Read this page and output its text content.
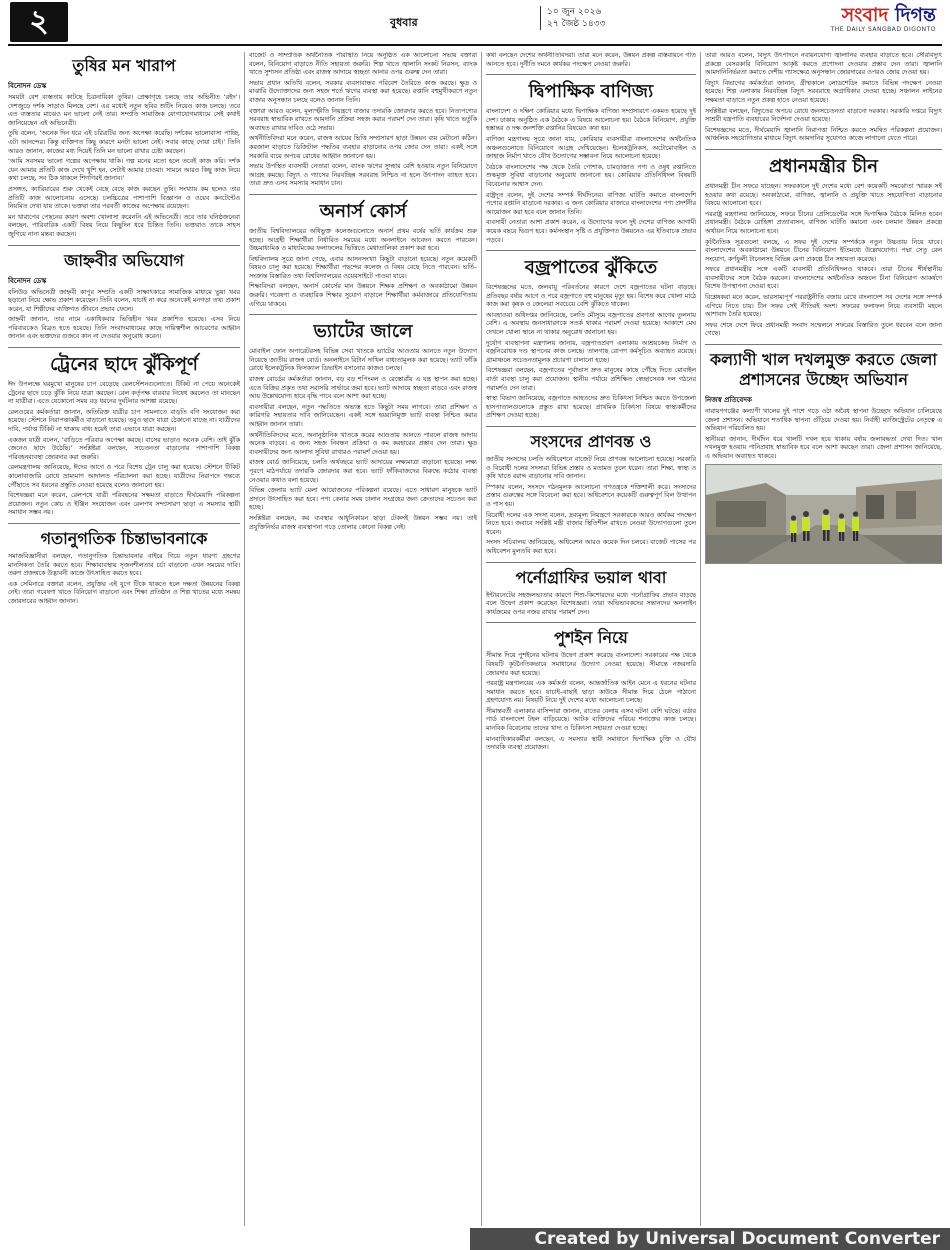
২	বুধবার
১০ জুন ২০২৬
২৭ জৈষ্ঠ ১৪৩৩	সংবাদ দিগন্ত
THE DAILY SANGBAD DIGONTO
তুষির মন খারাপ
বিনোদন ডেস্ক

সময়টা বেশ ব্যস্ততায় কাটছে চিত্রনায়িকা তুষির। প্রেক্ষাগৃহে চলছে তার অভিনীত ‘রইদ’। দেশজুড়ে দর্শক সাড়াও মিলছে বেশ। এর মধ্যেই নতুন ছবির শুটিং নিয়েও কাজ চলছে। তবে এত ব্যস্ততার মাঝেও মন ভালো নেই তার। সম্প্রতি সামাজিক যোগাযোগমাধ্যমে সেই কথাই জানিয়েছেন এই অভিনেত্রী।

তুষি বলেন, ‘অনেক দিন ধরে এই চরিত্রটির জন্য অপেক্ষা করেছি। দর্শকের ভালোবাসা পাচ্ছি, এটা আনন্দের। কিন্তু ব্যক্তিগত কিছু কারণে মনটা ভালো নেই। সবার কাছে দোয়া চাই।’ তিনি আরও জানান, কাজের মধ্য দিয়েই তিনি মন ভালো রাখার চেষ্টা করছেন।

‘আমি সবসময় ভালো গল্পের অপেক্ষায় থাকি। গল্প মনের মতো হলে তবেই কাজ করি। দর্শক যেন আমার প্রতিটি কাজ দেখে খুশি হন, সেটাই আমার চাওয়া। সামনে আরও কিছু কাজ নিয়ে কথা চলছে, সব ঠিক থাকলে শিগগিরই জানাব।’

প্রসঙ্গত, ক্যারিয়ারের শুরু থেকেই বেছে বেছে কাজ করছেন তুষি। সংখ্যায় কম হলেও তার প্রতিটি কাজ আলোচনায় এসেছে। চলচ্চিত্রের পাশাপাশি বিজ্ঞাপন ও ওয়েব কনটেন্টেও নিয়মিত দেখা যায় তাকে। ভক্তরা তার পরবর্তী কাজের অপেক্ষায় রয়েছেন।

মন খারাপের পেছনের কারণ অবশ্য খোলাসা করেননি এই অভিনেত্রী। তবে তার ঘনিষ্ঠজনেরা বলছেন, পারিবারিক একটি বিষয় নিয়ে কিছুদিন ধরে চিন্তিত তিনি। ভক্তরাও তাকে সাহস জুগিয়ে নানা মন্তব্য করছেন।

জাহ্নবীর অভিযোগ
বিনোদন ডেস্ক

বলিউড অভিনেত্রী জাহ্নবী কাপুর সম্প্রতি একটি সাক্ষাৎকারে সামাজিক মাধ্যমে ভুয়া খবর ছড়ানো নিয়ে ক্ষোভ প্রকাশ করেছেন। তিনি বলেন, যাচাই না করে অনেকেই মনগড়া তথ্য প্রকাশ করেন, যা শিল্পীদের ব্যক্তিগত জীবনে প্রভাব ফেলে।

জাহ্নবী জানান, তার নামে একাধিকবার ভিত্তিহীন খবর প্রকাশিত হয়েছে। এসব নিয়ে পরিবারকেও বিব্রত হতে হয়েছে। তিনি সংবাদমাধ্যমের কাছে দায়িত্বশীল আচরণের আহ্বান জানান এবং ভক্তদের গুজবে কান না দেওয়ার অনুরোধ করেন।

ট্রেনের ছাদে ঝুঁকিপূর্ণ

ঈদ উপলক্ষে ঘরমুখো মানুষের চাপ বেড়েছে রেলস্টেশনগুলোতে। টিকিট না পেয়ে অনেকেই ট্রেনের ছাদে চড়ে ঝুঁকি নিয়ে যাত্রা করছেন। রেল কর্তৃপক্ষ বারবার নিষেধ করলেও তা মানছেন না যাত্রীরা। এতে যেকোনো সময় বড় ধরনের দুর্ঘটনার আশঙ্কা রয়েছে।

রেলওয়ের কর্মকর্তারা জানান, অতিরিক্ত যাত্রীর চাপ সামলাতে বাড়তি বগি সংযোজন করা হয়েছে। স্টেশনে নিরাপত্তাকর্মীও বাড়ানো হয়েছে। তবুও ছাদে যাত্রা ঠেকানো যাচ্ছে না। যাত্রীদের দাবি, পর্যাপ্ত টিকিট না থাকায় বাধ্য হয়েই তারা এভাবে যাত্রা করছেন।

একজন যাত্রী বলেন, ‘বাড়িতে পরিবার অপেক্ষা করছে। বাসের ভাড়াও অনেক বেশি। তাই ঝুঁকি জেনেও ছাদে উঠেছি।’ সংশ্লিষ্টরা বলছেন, সচেতনতা বাড়ানোর পাশাপাশি বিকল্প পরিবহনব্যবস্থা জোরদার করা জরুরি।

রেলমন্ত্রণালয় জানিয়েছে, ঈদের আগে ও পরে বিশেষ ট্রেন চালু করা হয়েছে। স্টেশনে টিকিট কালোবাজারি রোধে ভ্রাম্যমাণ আদালত পরিচালনা করা হচ্ছে। যাত্রীদের নিরাপদে গন্তব্যে পৌঁছাতে সব ধরনের প্রস্তুতি নেওয়া হয়েছে বলেও জানানো হয়।

বিশেষজ্ঞরা মনে করেন, রেলপথে যাত্রী পরিবহনের সক্ষমতা বাড়াতে দীর্ঘমেয়াদি পরিকল্পনা প্রয়োজন। নতুন কোচ ও ইঞ্জিন সংযোজন এবং রেলপথ সম্প্রসারণ ছাড়া এ সমস্যার স্থায়ী সমাধান সম্ভব নয়।

গতানুগতিক চিন্তাভাবনাকে

সমাজবিজ্ঞানীরা বলছেন, গতানুগতিক চিন্তাভাবনার বাইরে গিয়ে নতুন ধারণা গ্রহণের মানসিকতা তৈরি করতে হবে। শিক্ষাব্যবস্থায় সৃজনশীলতার চর্চা বাড়ানো এখন সময়ের দাবি। তরুণ প্রজন্মকে উদ্ভাবনী কাজে উৎসাহিত করতে হবে।

এক সেমিনারে বক্তারা বলেন, প্রযুক্তির এই যুগে টিকে থাকতে হলে দক্ষতা উন্নয়নের বিকল্প নেই। তারা গবেষণা খাতে বিনিয়োগ বাড়ানো এবং শিক্ষা প্রতিষ্ঠান ও শিল্প খাতের মধ্যে সমন্বয় জোরদারের আহ্বান জানান।

বাজেট ও সাম্প্রতিক অর্থনৈতিক পরিস্থিতি নিয়ে অনুষ্ঠিত এক আলোচনা সভায় বক্তারা বলেন, বিনিয়োগ বাড়াতে নীতি সহায়তা জরুরি। শিল্প খাতে জ্বালানি সংকট নিরসন, ব্যাংক খাতে সুশাসন প্রতিষ্ঠা এবং রাজস্ব আদায়ে স্বচ্ছতা আনার ওপর গুরুত্ব দেন তারা।

সভায় প্রধান অতিথি বলেন, সরকার ব্যবসাবান্ধব পরিবেশ তৈরিতে কাজ করছে। ক্ষুদ্র ও মাঝারি উদ্যোক্তাদের জন্য সহজ শর্তে ঋণের ব্যবস্থা করা হয়েছে। রপ্তানি বহুমুখীকরণে নতুন বাজার অনুসন্ধান চলছে বলেও জানান তিনি।

বক্তারা আরও বলেন, মূল্যস্ফীতি নিয়ন্ত্রণে বাজার তদারকি জোরদার করতে হবে। নিত্যপণ্যের সরবরাহ স্বাভাবিক রাখতে আমদানি প্রক্রিয়া সহজ করার পরামর্শ দেন তারা। কৃষি খাতে ভর্তুকি অব্যাহত রাখার দাবিও ওঠে সভায়।

অর্থনীতিবিদরা মনে করেন, রাজস্ব আয়ের ভিত্তি সম্প্রসারণ ছাড়া উন্নয়ন ব্যয় মেটানো কঠিন। করজাল বাড়াতে ডিজিটাল পদ্ধতির ব্যবহার বাড়ানোর ওপর জোর দেন তারা। একই সঙ্গে সরকারি ব্যয়ে অপচয় রোধের আহ্বান জানানো হয়।

সভায় উপস্থিত ব্যবসায়ী নেতারা বলেন, ব্যাংক ঋণের সুদহার বেশি হওয়ায় নতুন বিনিয়োগে আগ্রহ কমছে। বিদ্যুৎ ও গ্যাসের নিরবচ্ছিন্ন সরবরাহ নিশ্চিত না হলে উৎপাদন ব্যাহত হবে। তারা দ্রুত এসব সমস্যার সমাধান চান।

অনার্স কোর্স

জাতীয় বিশ্ববিদ্যালয়ের অধিভুক্ত কলেজগুলোতে অনার্স প্রথম বর্ষের ভর্তি কার্যক্রম শুরু হচ্ছে। আগ্রহী শিক্ষার্থীরা নির্ধারিত সময়ের মধ্যে অনলাইনে আবেদন করতে পারবেন। উচ্চমাধ্যমিক ও মাধ্যমিকের ফলাফলের ভিত্তিতে মেধাতালিকা প্রকাশ করা হবে।

বিশ্ববিদ্যালয় সূত্রে জানা গেছে, এবার আসনসংখ্যা কিছুটা বাড়ানো হয়েছে। নতুন কয়েকটি বিষয়ও চালু করা হয়েছে। শিক্ষার্থীরা পছন্দের কলেজ ও বিষয় বেছে নিতে পারবেন। ভর্তি–সংক্রান্ত বিস্তারিত তথ্য বিশ্ববিদ্যালয়ের ওয়েবসাইটে পাওয়া যাবে।

শিক্ষাবিদরা বলছেন, অনার্স কোর্সের মান উন্নয়নে শিক্ষক প্রশিক্ষণ ও অবকাঠামো উন্নয়ন জরুরি। গবেষণা ও ব্যবহারিক শিক্ষার সুযোগ বাড়ালে শিক্ষার্থীরা কর্মবাজারে প্রতিযোগিতায় এগিয়ে থাকবে।

ভ্যাটের জালে

মোবাইল ফোন অপারেটরসহ বিভিন্ন সেবা খাতকে ভ্যাটের আওতায় আনতে নতুন উদ্যোগ নিয়েছে জাতীয় রাজস্ব বোর্ড। অনলাইনে রিটার্ন দাখিল বাধ্যতামূলক করা হয়েছে। ভ্যাট ফাঁকি রোধে ইলেকট্রনিক ফিসক্যাল ডিভাইস বসানোর কাজও চলছে।

রাজস্ব বোর্ডের কর্মকর্তারা জানান, বড় বড় শপিংমল ও রেস্তোরাঁয় এ যন্ত্র স্থাপন করা হচ্ছে। এতে বিক্রির প্রকৃত তথ্য সরাসরি সার্ভারে জমা হবে। ভ্যাট আদায়ে স্বচ্ছতা বাড়বে এবং রাজস্ব আয় উল্লেখযোগ্য হারে বৃদ্ধি পাবে বলে আশা করা হচ্ছে।

ব্যবসায়ীরা বলছেন, নতুন পদ্ধতিতে অভ্যস্ত হতে কিছুটা সময় লাগবে। তারা প্রশিক্ষণ ও কারিগরি সহায়তার দাবি জানিয়েছেন। একই সঙ্গে হয়রানিমুক্ত ভ্যাট ব্যবস্থা নিশ্চিত করার আহ্বান জানান তারা।

অর্থনীতিবিদদের মতে, অনানুষ্ঠানিক খাতকে করের আওতায় আনতে পারলে রাজস্ব আদায় অনেক বাড়বে। এ জন্য সহজ নিবন্ধন প্রক্রিয়া ও কম করহারের প্রস্তাব দেন তারা। ক্ষুদ্র ব্যবসায়ীদের জন্য আলাদা সুবিধা রাখারও পরামর্শ দেওয়া হয়।

রাজস্ব বোর্ড জানিয়েছে, চলতি অর্থবছরে ভ্যাট আদায়ের লক্ষ্যমাত্রা বাড়ানো হয়েছে। লক্ষ্য পূরণে মাঠপর্যায়ে তদারকি জোরদার করা হবে। ভ্যাট ফাঁকিবাজদের বিরুদ্ধে কঠোর ব্যবস্থা নেওয়ার কথাও বলা হয়েছে।

বিভিন্ন জেলায় ভ্যাট মেলা আয়োজনের পরিকল্পনা রয়েছে। এতে সাধারণ মানুষকে ভ্যাট প্রদানে উৎসাহিত করা হবে। পণ্য কেনার সময় চালান সংগ্রহের জন্য ক্রেতাদের সচেতন করা হচ্ছে।

সংশ্লিষ্টরা বলছেন, কর ব্যবস্থার আধুনিকায়ন ছাড়া টেকসই উন্নয়ন সম্ভব নয়। তাই প্রযুক্তিনির্ভর রাজস্ব ব্যবস্থাপনা গড়ে তোলার কোনো বিকল্প নেই।

কথা বলছেন দেশের অর্থনীতিবিদরা। তারা মনে করেন, উন্নয়ন প্রকল্প বাস্তবায়নে গতি আনতে হবে। দুর্নীতি দমনে কার্যকর পদক্ষেপ নেওয়া জরুরি।

দ্বিপাক্ষিক বাণিজ্য

বাংলাদেশ ও দক্ষিণ কোরিয়ার মধ্যে দ্বিপাক্ষিক বাণিজ্য সম্প্রসারণে একমত হয়েছে দুই দেশ। ঢাকায় অনুষ্ঠিত এক বৈঠকে এ বিষয়ে আলোচনা হয়। বৈঠকে বিনিয়োগ, প্রযুক্তি হস্তান্তর ও দক্ষ জনশক্তি রপ্তানির বিষয়েও কথা হয়।

বাণিজ্য মন্ত্রণালয় সূত্রে জানা যায়, কোরিয়ার ব্যবসায়ীরা বাংলাদেশের অর্থনৈতিক অঞ্চলগুলোতে বিনিয়োগে আগ্রহ দেখিয়েছেন। ইলেকট্রনিকস, অটোমোবাইল ও জাহাজ নির্মাণ খাতে যৌথ উদ্যোগের সম্ভাবনা নিয়ে আলোচনা হয়েছে।

বৈঠকে বাংলাদেশের পক্ষ থেকে তৈরি পোশাক, চামড়াজাত পণ্য ও ওষুধ রপ্তানিতে শুল্কমুক্ত সুবিধা বাড়ানোর অনুরোধ জানানো হয়। কোরিয়ার প্রতিনিধিদল বিষয়টি বিবেচনার আশ্বাস দেন।

রাষ্ট্রদূত বলেন, দুই দেশের সম্পর্ক দীর্ঘদিনের। বাণিজ্য ঘাটতি কমাতে বাংলাদেশি পণ্যের রপ্তানি বাড়ানো দরকার। এ জন্য কোরিয়ার বাজারে বাংলাদেশের পণ্য প্রদর্শনীর আয়োজন করা হবে বলে জানান তিনি।

ব্যবসায়ী নেতারা আশা প্রকাশ করেন, এ উদ্যোগের ফলে দুই দেশের বাণিজ্য আগামী কয়েক বছরে দ্বিগুণ হবে। কর্মসংস্থান সৃষ্টি ও প্রযুক্তিগত উন্নয়নেও এর ইতিবাচক প্রভাব পড়বে।

বজ্রপাতের ঝুঁকিতে

বিশেষজ্ঞদের মতে, জলবায়ু পরিবর্তনের কারণে দেশে বজ্রপাতের ঘটনা বাড়ছে। প্রতিবছর বর্ষার আগে ও পরে বজ্রপাতে বহু মানুষের মৃত্যু হয়। বিশেষ করে খোলা মাঠে কাজ করা কৃষক ও জেলেরা সবচেয়ে বেশি ঝুঁকিতে থাকেন।

আবহাওয়া অধিদপ্তর জানিয়েছে, চলতি মৌসুমে বজ্রপাতের প্রবণতা আগের তুলনায় বেশি। এ অবস্থায় জনসাধারণকে সতর্ক থাকার পরামর্শ দেওয়া হয়েছে। আকাশে মেঘ দেখলে খোলা স্থানে না থাকার অনুরোধ জানানো হয়।

দুর্যোগ ব্যবস্থাপনা মন্ত্রণালয় জানায়, বজ্রপাতপ্রবণ এলাকায় আশ্রয়কেন্দ্র নির্মাণ ও বজ্রনিরোধক দণ্ড স্থাপনের কাজ চলছে। তালগাছ রোপণ কর্মসূচিও অব্যাহত রয়েছে। গ্রামাঞ্চলে সচেতনতামূলক প্রচারণা চালানো হচ্ছে।

বিশেষজ্ঞরা বলছেন, বজ্রপাতের পূর্বাভাস দ্রুত মানুষের কাছে পৌঁছে দিতে মোবাইল বার্তা ব্যবস্থা চালু করা প্রয়োজন। স্থানীয় পর্যায়ে প্রশিক্ষিত স্বেচ্ছাসেবক দল গঠনের পরামর্শও দেন তারা।

স্বাস্থ্য বিভাগ জানিয়েছে, বজ্রপাতে আহতদের দ্রুত চিকিৎসা নিশ্চিত করতে উপজেলা হাসপাতালগুলোকে প্রস্তুত রাখা হয়েছে। প্রাথমিক চিকিৎসা বিষয়ে স্বাস্থ্যকর্মীদের প্রশিক্ষণ দেওয়া হচ্ছে।

সংসদের প্রাণবন্ত ও

জাতীয় সংসদের চলতি অধিবেশনে বাজেট নিয়ে প্রাণবন্ত আলোচনা হয়েছে। সরকারি ও বিরোধী দলের সদস্যরা বিভিন্ন প্রস্তাব ও মতামত তুলে ধরেন। তারা শিক্ষা, স্বাস্থ্য ও কৃষি খাতে বরাদ্দ বাড়ানোর দাবি জানান।

স্পিকার বলেন, সংসদে গঠনমূলক আলোচনা গণতন্ত্রকে শক্তিশালী করে। সদস্যদের প্রস্তাব গুরুত্বের সঙ্গে বিবেচনা করা হবে। অধিবেশনে কয়েকটি গুরুত্বপূর্ণ বিল উত্থাপন ও পাস হয়।

বিরোধী দলের এক সদস্য বলেন, দ্রব্যমূল্য নিয়ন্ত্রণে সরকারকে আরও কার্যকর পদক্ষেপ নিতে হবে। জবাবে সংশ্লিষ্ট মন্ত্রী বাজার স্থিতিশীল রাখতে নেওয়া উদ্যোগগুলো তুলে ধরেন।

সংসদ সচিবালয় জানিয়েছে, অধিবেশন আরও কয়েক দিন চলবে। বাজেট পাসের পর অধিবেশন মুলতবি করা হবে।

পর্নোগ্রাফির ভয়াল থাবা

ইন্টারনেটের সহজলভ্যতার কারণে শিশু-কিশোরদের মধ্যে পর্নোগ্রাফির প্রভাব বাড়ছে বলে উদ্বেগ প্রকাশ করেছেন বিশেষজ্ঞরা। তারা অভিভাবকদের সন্তানদের অনলাইন কার্যক্রমের ওপর নজর রাখার পরামর্শ দেন।

পুশইন নিয়ে

সীমান্ত দিয়ে পুশইনের ঘটনায় উদ্বেগ প্রকাশ করেছে বাংলাদেশ। সরকারের পক্ষ থেকে বিষয়টি কূটনৈতিকভাবে সমাধানের উদ্যোগ নেওয়া হয়েছে। সীমান্তে নজরদারি জোরদার করা হয়েছে।

পররাষ্ট্র মন্ত্রণালয়ের এক কর্মকর্তা বলেন, আন্তর্জাতিক আইন মেনে এ ধরনের ঘটনার সমাধান করতে হবে। যাচাই–বাছাই ছাড়া কাউকে সীমান্ত দিয়ে ঠেলে পাঠানো গ্রহণযোগ্য নয়। বিষয়টি নিয়ে দুই দেশের মধ্যে আলোচনা চলছে।

সীমান্তবর্তী এলাকার বাসিন্দারা জানান, রাতের বেলায় এসব ঘটনা বেশি ঘটছে। বর্ডার গার্ড বাংলাদেশ টহল বাড়িয়েছে। আটক ব্যক্তিদের পরিচয় শনাক্তের কাজ চলছে। মানবিক বিবেচনায় তাদের খাদ্য ও চিকিৎসা সহায়তা দেওয়া হচ্ছে।

মানবাধিকারকর্মীরা বলছেন, এ সমস্যার স্থায়ী সমাধানে দ্বিপাক্ষিক চুক্তি ও যৌথ তদারকি ব্যবস্থা প্রয়োজন।

তারা আরও বলেন, বিদ্যুৎ উৎপাদনে নবায়নযোগ্য জ্বালানির ব্যবহার বাড়াতে হবে। সৌরবিদ্যুৎ প্রকল্পে বেসরকারি বিনিয়োগ আকৃষ্ট করতে প্রণোদনা দেওয়ার প্রস্তাব দেন তারা। জ্বালানি আমদানিনির্ভরতা কমাতে দেশীয় গ্যাসক্ষেত্র অনুসন্ধান জোরদারের ওপরও জোর দেওয়া হয়।

বিদ্যুৎ বিভাগের কর্মকর্তারা জানান, গ্রীষ্মকালে লোডশেডিং কমাতে বিভিন্ন পদক্ষেপ নেওয়া হয়েছে। শিল্প এলাকায় নিরবচ্ছিন্ন বিদ্যুৎ সরবরাহে অগ্রাধিকার দেওয়া হচ্ছে। সঞ্চালন লাইনের সক্ষমতা বাড়াতে নতুন প্রকল্প হাতে নেওয়া হয়েছে।

সংশ্লিষ্টরা বলছেন, বিদ্যুতের অপচয় রোধে জনসচেতনতা বাড়ানো দরকার। সরকারি দপ্তরে বিদ্যুৎ সাশ্রয়ী যন্ত্রপাতি ব্যবহারের নির্দেশনা দেওয়া হয়েছে।

বিশেষজ্ঞদের মতে, দীর্ঘমেয়াদি জ্বালানি নিরাপত্তা নিশ্চিত করতে সমন্বিত পরিকল্পনা প্রয়োজন। আঞ্চলিক সহযোগিতার মাধ্যমে বিদ্যুৎ আমদানির সুযোগও কাজে লাগানো যেতে পারে।

প্রধানমন্ত্রীর চীন

প্রধানমন্ত্রী চীন সফরে যাচ্ছেন। সফরকালে দুই দেশের মধ্যে বেশ কয়েকটি সমঝোতা স্মারক সই হওয়ার কথা রয়েছে। অবকাঠামো, বাণিজ্য, জ্বালানি ও প্রযুক্তি খাতে সহযোগিতা বাড়ানোর বিষয়ে আলোচনা হবে।

পররাষ্ট্র মন্ত্রণালয় জানিয়েছে, সফরে চীনের প্রেসিডেন্টের সঙ্গে দ্বিপাক্ষিক বৈঠকে মিলিত হবেন প্রধানমন্ত্রী। বৈঠকে রোহিঙ্গা প্রত্যাবাসন, বাণিজ্য ঘাটতি কমানো এবং চলমান উন্নয়ন প্রকল্পে অর্থায়ন নিয়ে আলোচনা হবে।

কূটনৈতিক সূত্রগুলো বলছে, এ সফর দুই দেশের সম্পর্ককে নতুন উচ্চতায় নিয়ে যাবে। বাংলাদেশের অবকাঠামো উন্নয়নে চীনের বিনিয়োগ ইতিমধ্যে উল্লেখযোগ্য। পদ্মা সেতু রেল সংযোগ, কর্ণফুলী টানেলসহ বিভিন্ন মেগা প্রকল্পে চীন সহায়তা করেছে।

সফরে প্রধানমন্ত্রীর সঙ্গে একটি ব্যবসায়ী প্রতিনিধিদলও থাকবে। তারা চীনের শীর্ষস্থানীয় ব্যবসায়ীদের সঙ্গে বৈঠক করবেন। বাংলাদেশের অর্থনৈতিক অঞ্চলে চীনা বিনিয়োগ আকর্ষণে বিশেষ উপস্থাপনা দেওয়া হবে।

বিশ্লেষকরা মনে করেন, ভারসাম্যপূর্ণ পররাষ্ট্রনীতি বজায় রেখে বাংলাদেশ সব দেশের সঙ্গে সম্পর্ক এগিয়ে নিতে চায়। চীন সফর সেই নীতিরই অংশ। সফরের ফলাফল নিয়ে ব্যবসায়ী মহলে আশাবাদ তৈরি হয়েছে।

সফর শেষে দেশে ফিরে প্রধানমন্ত্রী সংবাদ সম্মেলনে সফরের বিস্তারিত তুলে ধরবেন বলে জানা গেছে।

কল্যাণী খাল দখলমুক্ত করতে জেলা প্রশাসনের উচ্ছেদ অভিযান
নিজস্ব প্রতিবেদক

নারায়ণগঞ্জের কল্যাণী খালের দুই পাশে গড়ে ওঠা অবৈধ স্থাপনা উচ্ছেদে অভিযান চালিয়েছে জেলা প্রশাসন। অভিযানে শতাধিক স্থাপনা গুঁড়িয়ে দেওয়া হয়। নির্বাহী ম্যাজিস্ট্রেটের নেতৃত্বে এ অভিযান পরিচালিত হয়।

স্থানীয়রা জানান, দীর্ঘদিন ধরে খালটি দখল হয়ে থাকায় বর্ষায় জলাবদ্ধতা দেখা দিত। খাল দখলমুক্ত হওয়ায় পানিপ্রবাহ স্বাভাবিক হবে বলে আশা করছেন তারা। জেলা প্রশাসন জানিয়েছে, এ অভিযান অব্যাহত থাকবে।

Created by Universal Document Converter
